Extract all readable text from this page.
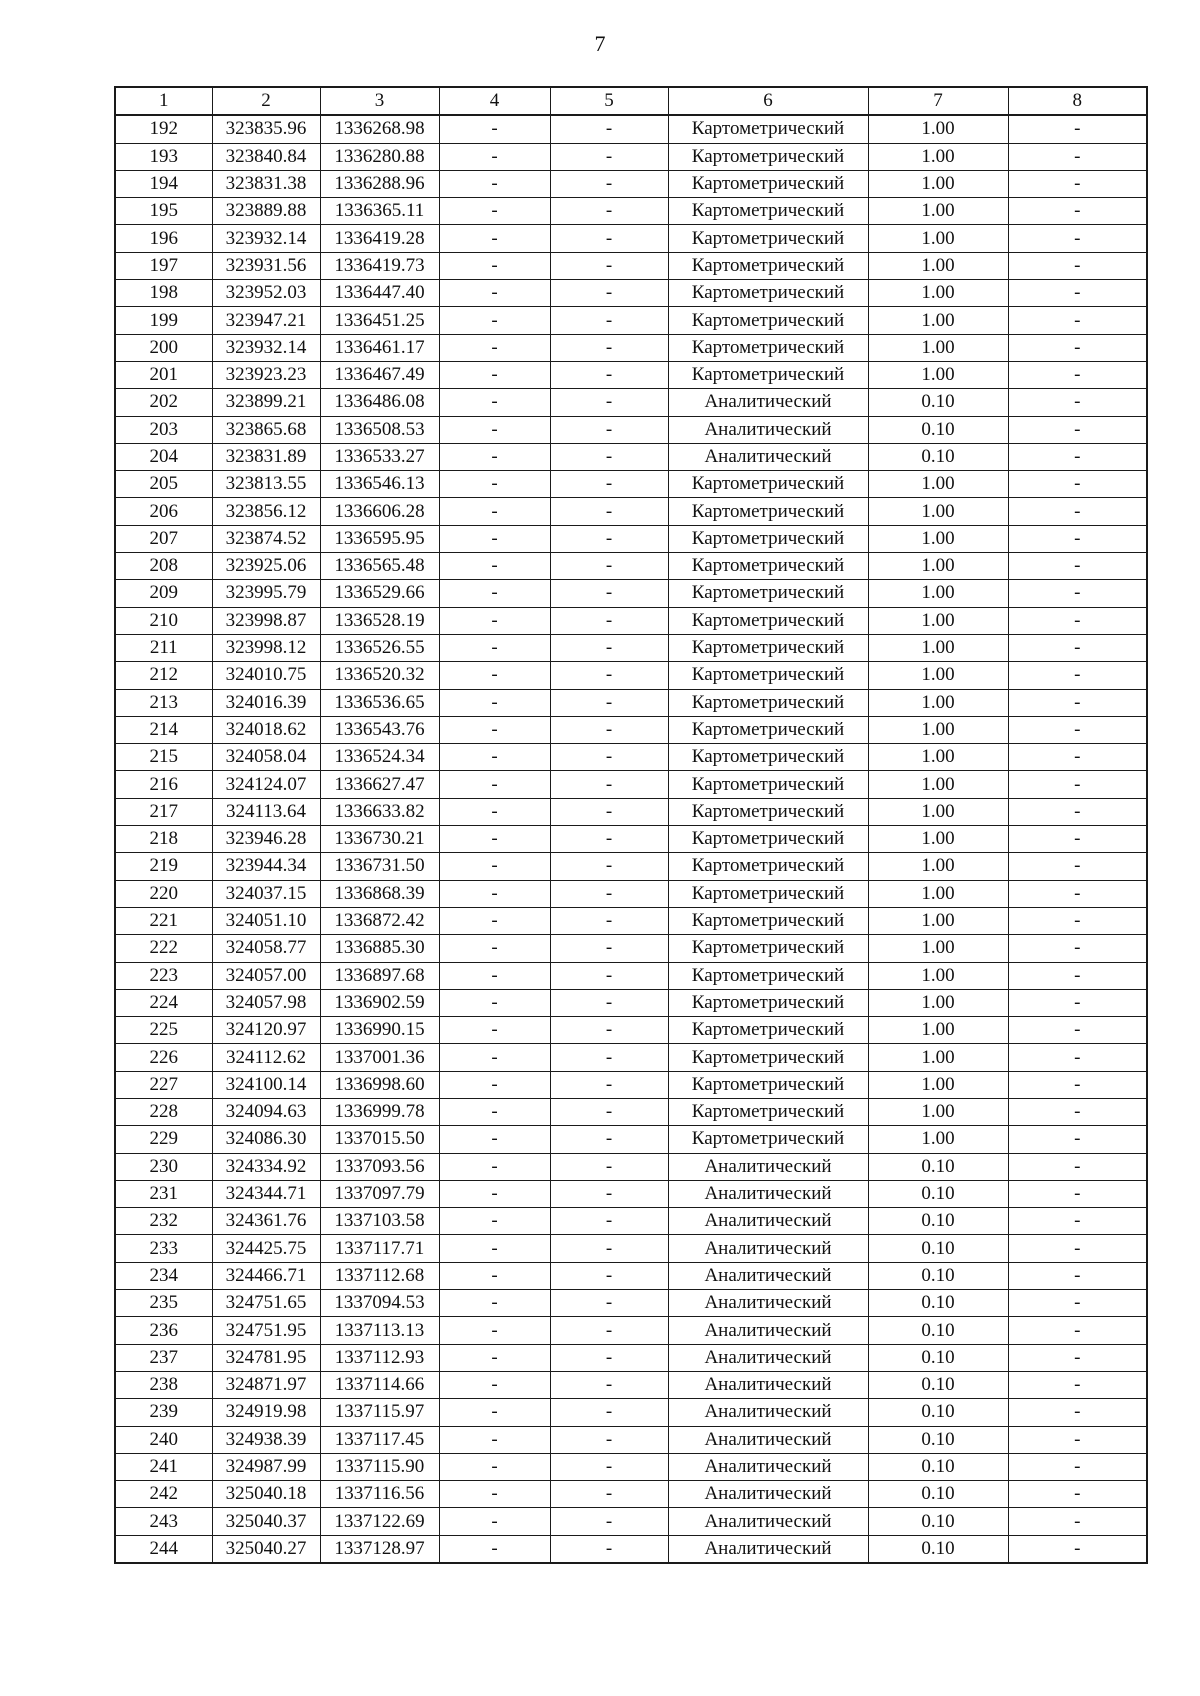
7
1	2	3	4	5	6	7	8
192	323835.96	1336268.98	-	-	Картометрический	1.00	-
193	323840.84	1336280.88	-	-	Картометрический	1.00	-
194	323831.38	1336288.96	-	-	Картометрический	1.00	-
195	323889.88	1336365.11	-	-	Картометрический	1.00	-
196	323932.14	1336419.28	-	-	Картометрический	1.00	-
197	323931.56	1336419.73	-	-	Картометрический	1.00	-
198	323952.03	1336447.40	-	-	Картометрический	1.00	-
199	323947.21	1336451.25	-	-	Картометрический	1.00	-
200	323932.14	1336461.17	-	-	Картометрический	1.00	-
201	323923.23	1336467.49	-	-	Картометрический	1.00	-
202	323899.21	1336486.08	-	-	Аналитический	0.10	-
203	323865.68	1336508.53	-	-	Аналитический	0.10	-
204	323831.89	1336533.27	-	-	Аналитический	0.10	-
205	323813.55	1336546.13	-	-	Картометрический	1.00	-
206	323856.12	1336606.28	-	-	Картометрический	1.00	-
207	323874.52	1336595.95	-	-	Картометрический	1.00	-
208	323925.06	1336565.48	-	-	Картометрический	1.00	-
209	323995.79	1336529.66	-	-	Картометрический	1.00	-
210	323998.87	1336528.19	-	-	Картометрический	1.00	-
211	323998.12	1336526.55	-	-	Картометрический	1.00	-
212	324010.75	1336520.32	-	-	Картометрический	1.00	-
213	324016.39	1336536.65	-	-	Картометрический	1.00	-
214	324018.62	1336543.76	-	-	Картометрический	1.00	-
215	324058.04	1336524.34	-	-	Картометрический	1.00	-
216	324124.07	1336627.47	-	-	Картометрический	1.00	-
217	324113.64	1336633.82	-	-	Картометрический	1.00	-
218	323946.28	1336730.21	-	-	Картометрический	1.00	-
219	323944.34	1336731.50	-	-	Картометрический	1.00	-
220	324037.15	1336868.39	-	-	Картометрический	1.00	-
221	324051.10	1336872.42	-	-	Картометрический	1.00	-
222	324058.77	1336885.30	-	-	Картометрический	1.00	-
223	324057.00	1336897.68	-	-	Картометрический	1.00	-
224	324057.98	1336902.59	-	-	Картометрический	1.00	-
225	324120.97	1336990.15	-	-	Картометрический	1.00	-
226	324112.62	1337001.36	-	-	Картометрический	1.00	-
227	324100.14	1336998.60	-	-	Картометрический	1.00	-
228	324094.63	1336999.78	-	-	Картометрический	1.00	-
229	324086.30	1337015.50	-	-	Картометрический	1.00	-
230	324334.92	1337093.56	-	-	Аналитический	0.10	-
231	324344.71	1337097.79	-	-	Аналитический	0.10	-
232	324361.76	1337103.58	-	-	Аналитический	0.10	-
233	324425.75	1337117.71	-	-	Аналитический	0.10	-
234	324466.71	1337112.68	-	-	Аналитический	0.10	-
235	324751.65	1337094.53	-	-	Аналитический	0.10	-
236	324751.95	1337113.13	-	-	Аналитический	0.10	-
237	324781.95	1337112.93	-	-	Аналитический	0.10	-
238	324871.97	1337114.66	-	-	Аналитический	0.10	-
239	324919.98	1337115.97	-	-	Аналитический	0.10	-
240	324938.39	1337117.45	-	-	Аналитический	0.10	-
241	324987.99	1337115.90	-	-	Аналитический	0.10	-
242	325040.18	1337116.56	-	-	Аналитический	0.10	-
243	325040.37	1337122.69	-	-	Аналитический	0.10	-
244	325040.27	1337128.97	-	-	Аналитический	0.10	-
